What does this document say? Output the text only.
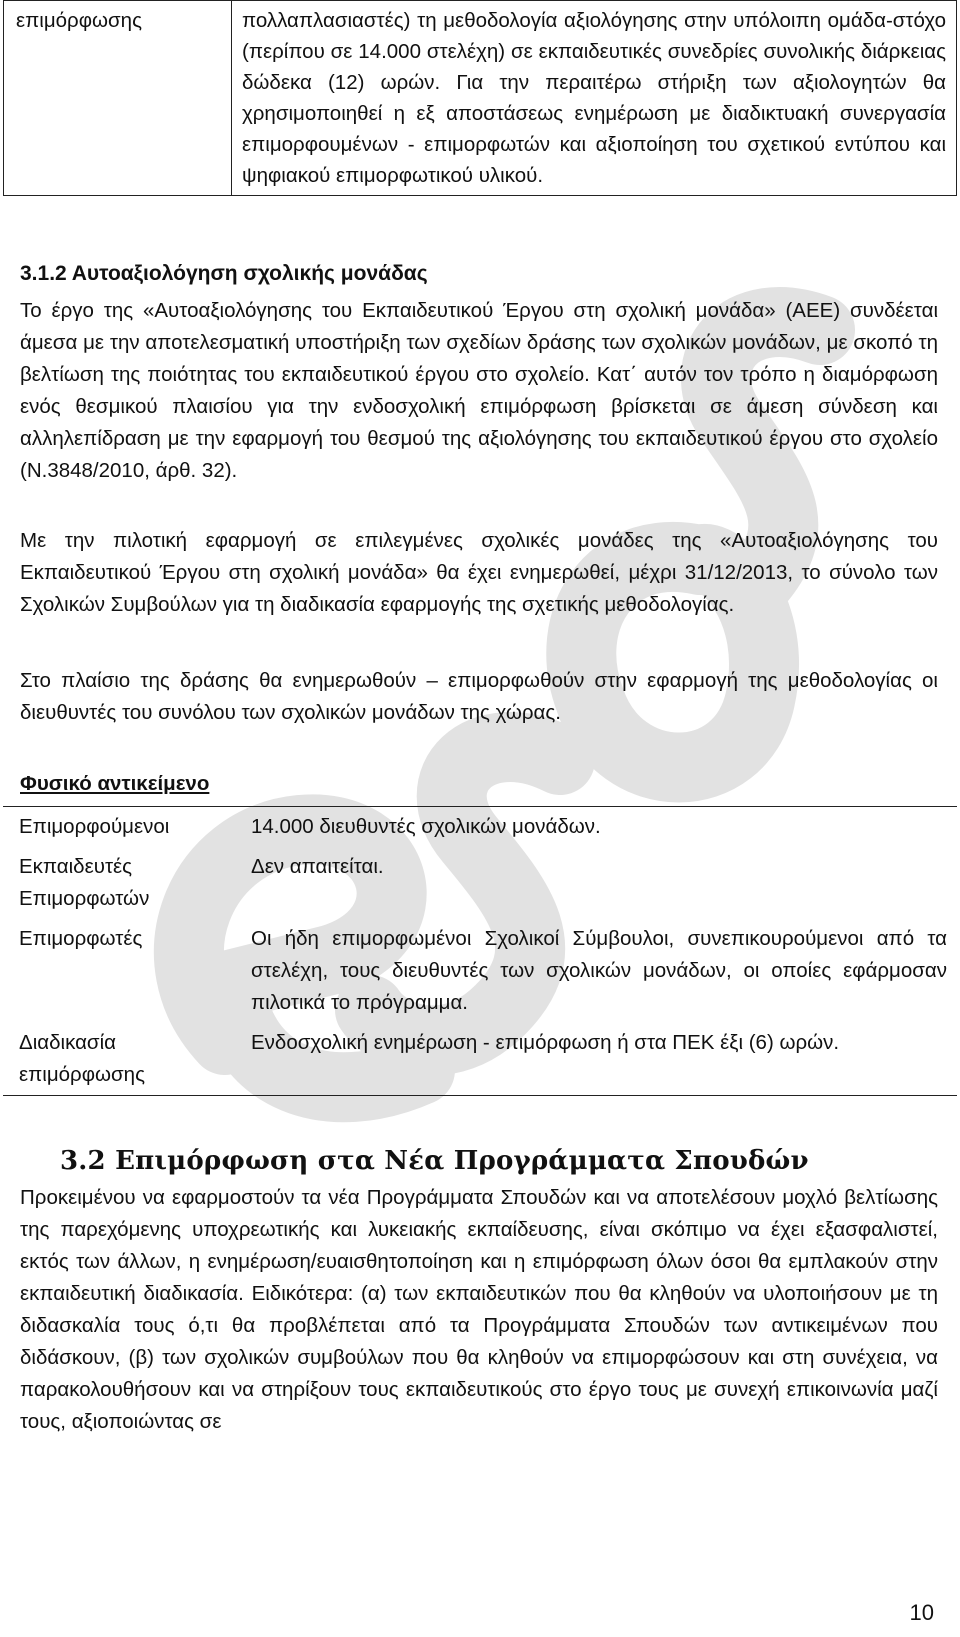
επιμόρφωσης	πολλαπλασιαστές) τη μεθοδολογία αξιολόγησης στην υπόλοιπη ομάδα-στόχο (περίπου σε 14.000 στελέχη) σε εκπαιδευτικές συνεδρίες συνολικής διάρκειας δώδεκα (12) ωρών. Για την περαιτέρω στήριξη των αξιολογητών θα χρησιμοποιηθεί η εξ αποστάσεως ενημέρωση με διαδικτυακή συνεργασία επιμορφουμένων - επιμορφωτών και αξιοποίηση του σχετικού εντύπου και ψηφιακού επιμορφωτικού υλικού.
3.1.2 Αυτοαξιολόγηση σχολικής μονάδας
Το έργο της «Αυτοαξιολόγησης του Εκπαιδευτικού Έργου στη σχολική μονάδα» (ΑΕΕ) συνδέεται άμεσα με την αποτελεσματική υποστήριξη των σχεδίων δράσης των σχολικών μονάδων, με σκοπό τη βελτίωση της ποιότητας του εκπαιδευτικού έργου στο σχολείο. Κατ΄ αυτόν τον τρόπο η διαμόρφωση ενός θεσμικού πλαισίου για την ενδοσχολική επιμόρφωση βρίσκεται σε άμεση σύνδεση και αλληλεπίδραση με την εφαρμογή του θεσμού της αξιολόγησης του εκπαιδευτικού έργου στο σχολείο (Ν.3848/2010, άρθ. 32).
Με την πιλοτική εφαρμογή σε επιλεγμένες σχολικές μονάδες της «Αυτοαξιολόγησης του Εκπαιδευτικού Έργου στη σχολική μονάδα» θα έχει ενημερωθεί, μέχρι 31/12/2013, το σύνολο των Σχολικών Συμβούλων για τη διαδικασία εφαρμογής της σχετικής μεθοδολογίας.
Στο πλαίσιο της δράσης θα ενημερωθούν – επιμορφωθούν στην εφαρμογή της μεθοδολογίας οι διευθυντές του συνόλου των σχολικών μονάδων της χώρας.
Φυσικό αντικείμενο
Επιμορφούμενοι	14.000 διευθυντές σχολικών μονάδων.
Εκπαιδευτές Επιμορφωτών	Δεν απαιτείται.
Επιμορφωτές	Οι ήδη επιμορφωμένοι Σχολικοί Σύμβουλοι, συνεπικουρούμενοι από τα στελέχη, τους διευθυντές των σχολικών μονάδων, οι οποίες εφάρμοσαν πιλοτικά το πρόγραμμα.
Διαδικασία επιμόρφωσης	Ενδοσχολική ενημέρωση - επιμόρφωση ή στα ΠΕΚ έξι (6) ωρών.
3.2 Επιμόρφωση στα Νέα Προγράμματα Σπουδών
Προκειμένου να εφαρμοστούν τα νέα Προγράμματα Σπουδών και να αποτελέσουν μοχλό βελτίωσης της παρεχόμενης υποχρεωτικής και λυκειακής εκπαίδευσης, είναι σκόπιμο να έχει εξασφαλιστεί, εκτός των άλλων, η ενημέρωση/ευαισθητοποίηση και η επιμόρφωση όλων όσοι θα εμπλακούν στην εκπαιδευτική διαδικασία. Ειδικότερα: (α) των εκπαιδευτικών που θα κληθούν να υλοποιήσουν με τη διδασκαλία τους ό,τι θα προβλέπεται από τα Προγράμματα Σπουδών των αντικειμένων που διδάσκουν, (β) των σχολικών συμβούλων που θα κληθούν να επιμορφώσουν και στη συνέχεια, να παρακολουθήσουν και να στηρίξουν τους εκπαιδευτικούς στο έργο τους με συνεχή επικοινωνία μαζί τους, αξιοποιώντας σε
10
